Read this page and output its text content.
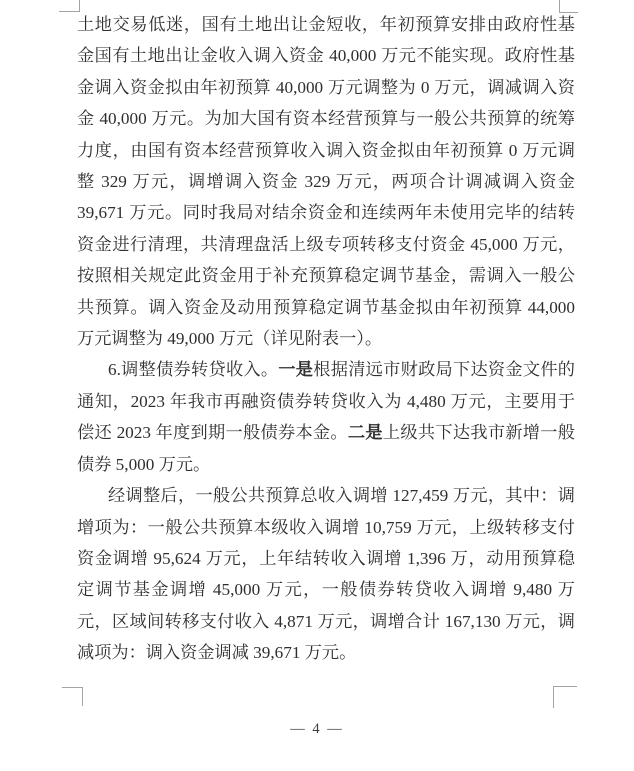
土地交易低迷，国有土地出让金短收，年初预算安排由政府性基金国有土地出让金收入调入资金 40,000 万元不能实现。政府性基金调入资金拟由年初预算 40,000 万元调整为 0 万元，调减调入资金 40,000 万元。为加大国有资本经营预算与一般公共预算的统筹力度，由国有资本经营预算收入调入资金拟由年初预算 0 万元调整 329 万元，调增调入资金 329 万元，两项合计调减调入资金 39,671 万元。同时我局对结余资金和连续两年未使用完毕的结转资金进行清理，共清理盘活上级专项转移支付资金 45,000 万元，按照相关规定此资金用于补充预算稳定调节基金，需调入一般公共预算。调入资金及动用预算稳定调节基金拟由年初预算 44,000 万元调整为 49,000 万元（详见附表一）。

6.调整债券转贷收入。一是根据清远市财政局下达资金文件的通知，2023 年我市再融资债券转贷收入为 4,480 万元，主要用于偿还 2023 年度到期一般债券本金。二是上级共下达我市新增一般债券 5,000 万元。

经调整后，一般公共预算总收入调增 127,459 万元，其中：调增项为：一般公共预算本级收入调增 10,759 万元，上级转移支付资金调增 95,624 万元，上年结转收入调增 1,396 万，动用预算稳定调节基金调增 45,000 万元，一般债券转贷收入调增 9,480 万元，区域间转移支付收入 4,871 万元，调增合计 167,130 万元，调减项为：调入资金调减 39,671 万元。

— 4 —
